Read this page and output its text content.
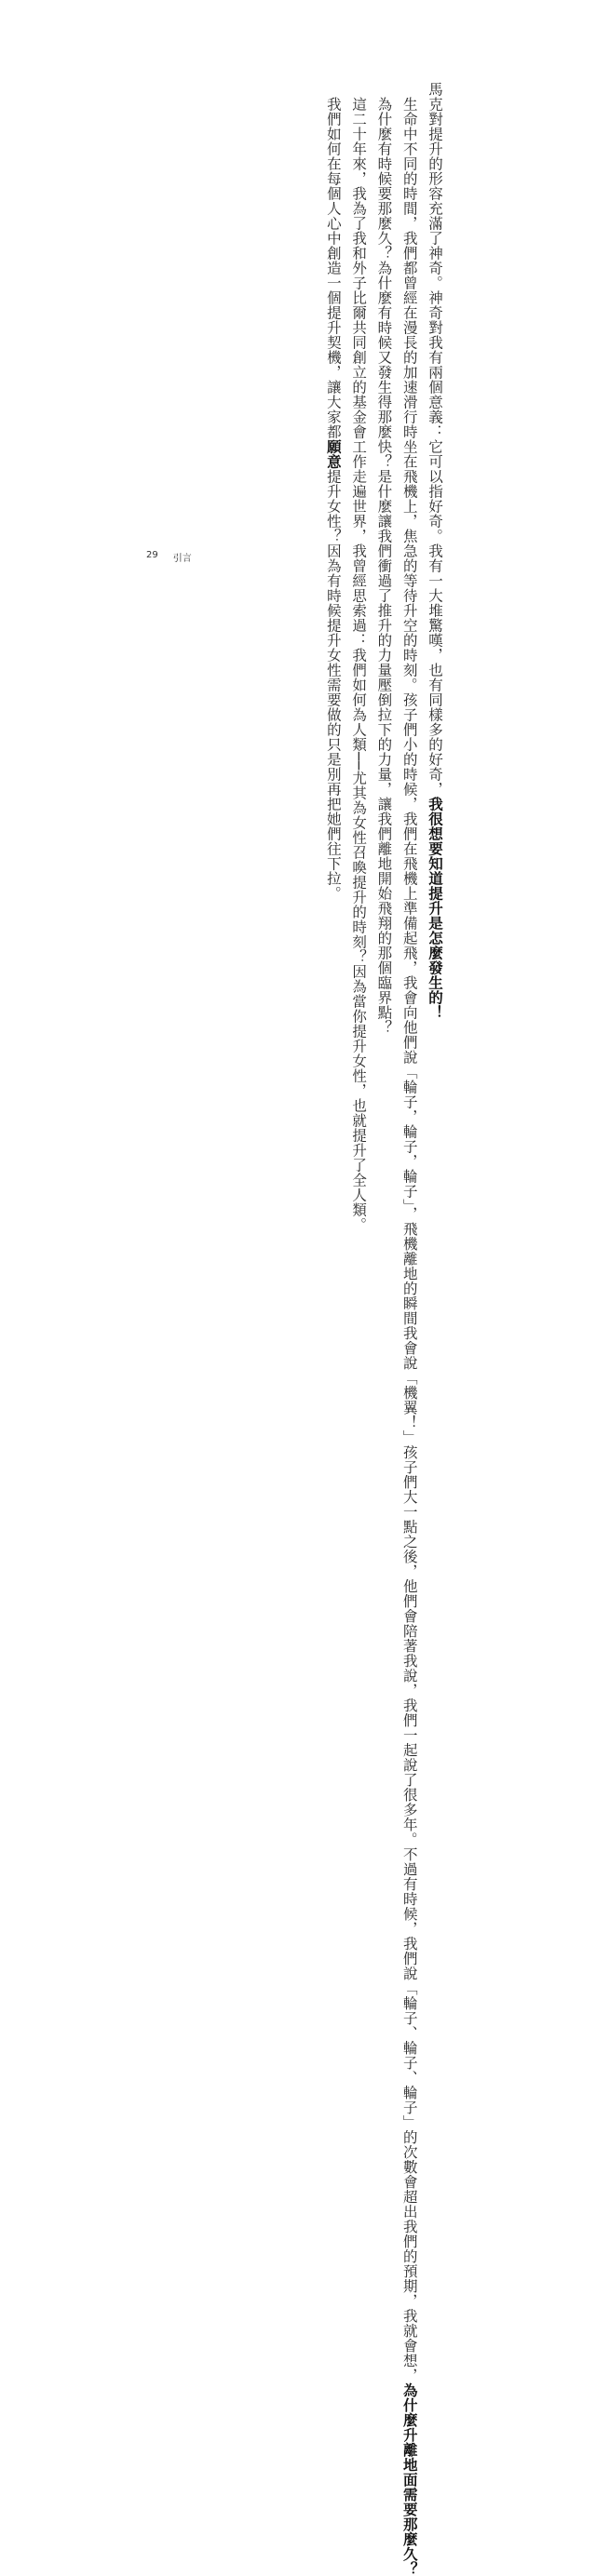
馬克對提升的形容充滿了神奇。神奇對我有兩個意義：它可以指好奇。我有一大堆驚嘆，也有同樣多的好奇，我很想要知道提升是怎麼發生的！

生命中不同的時間，我們都曾經在漫長的加速滑行時坐在飛機上，焦急的等待升空的時刻。孩子們小的時候，我們在飛機上準備起飛，我會向他們說「輪子，輪子，輪子」，飛機離地的瞬間我會說「機翼！」孩子們大一點之後，他們會陪著我說，我們一起說了很多年。不過有時候，我們說「輪子、輪子、輪子」的次數會超出我們的預期，我就會想，為什麼升離地面需要那麼久？

為什麼有時候要那麼久？為什麼有時候又發生得那麼快？是什麼讓我們衝過了推升的力量壓倒拉下的力量，讓我們離地開始飛翔的那個臨界點？

這二十年來，我為了我和外子比爾共同創立的基金會工作走遍世界，我曾經思索過：我們如何為人類──尤其為女性召喚提升的時刻？因為當你提升女性，也就提升了全人類。

我們如何在每個人心中創造一個提升契機，讓大家都願意提升女性？因為有時候提升女性需要做的只是別再把她們往下拉。

29 引言
